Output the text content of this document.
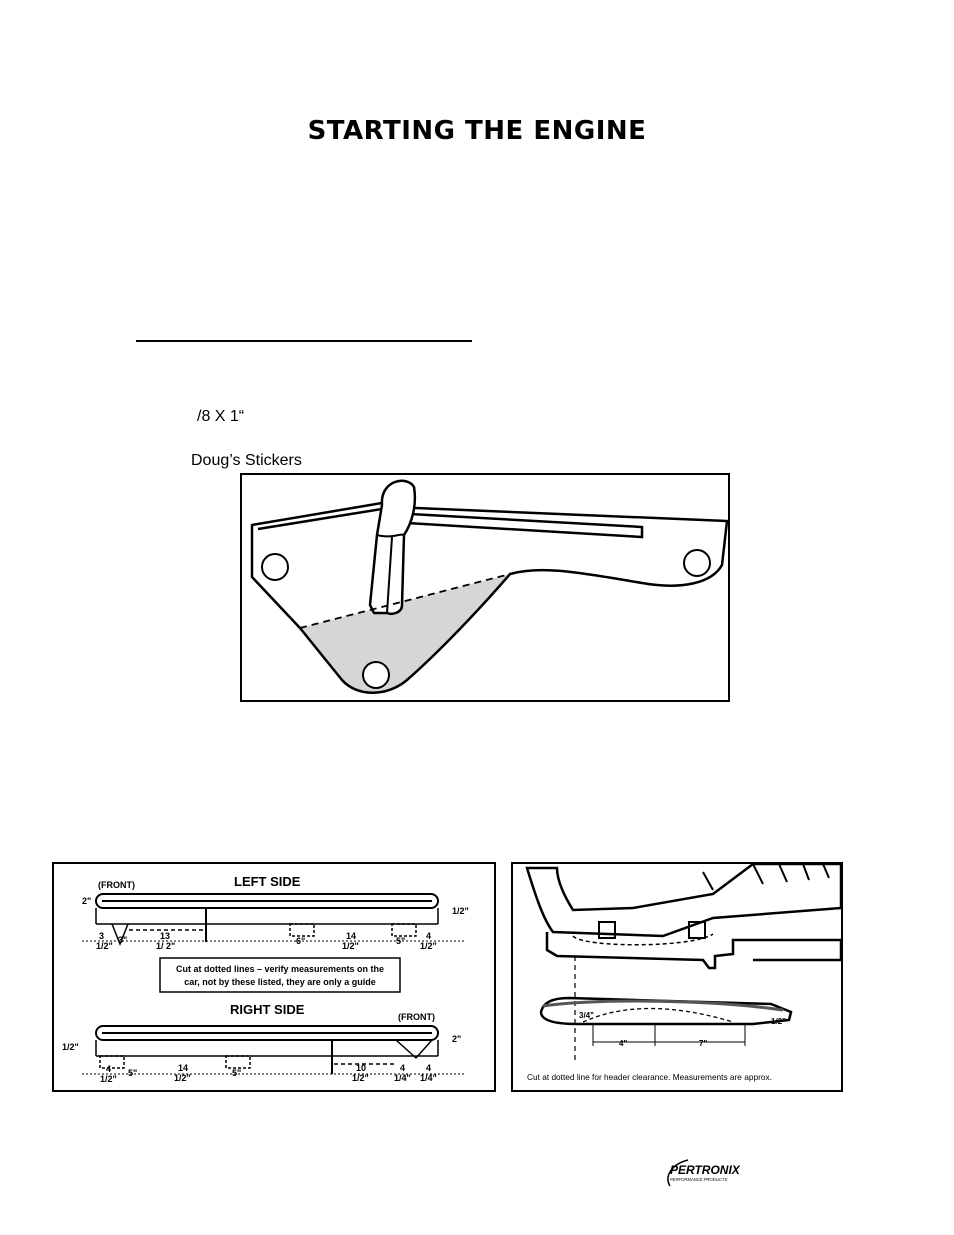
STARTING THE ENGINE
/8 X 1“
Doug’s Stickers
(FRONT)	LEFT SIDE
2"
1/2"
3
1/2"
3"	13
1/ 2"	6"	14
1/2"	5" 4
1/2"
Cut at dotted lines – verify measurements on the
car, not by these listed, they are only a guide
RIGHT SIDE	(FRONT)
2"
1/2"
4
1/2"
5"	14
1/2"	5"	10
1/2"
4
1/4"
4
1/4"
3/4"
1/2"
4"	7"
Cut at dotted line for header clearance. Measurements are approx.
PERTRONIX
PERFORMANCE PRODUCTS
